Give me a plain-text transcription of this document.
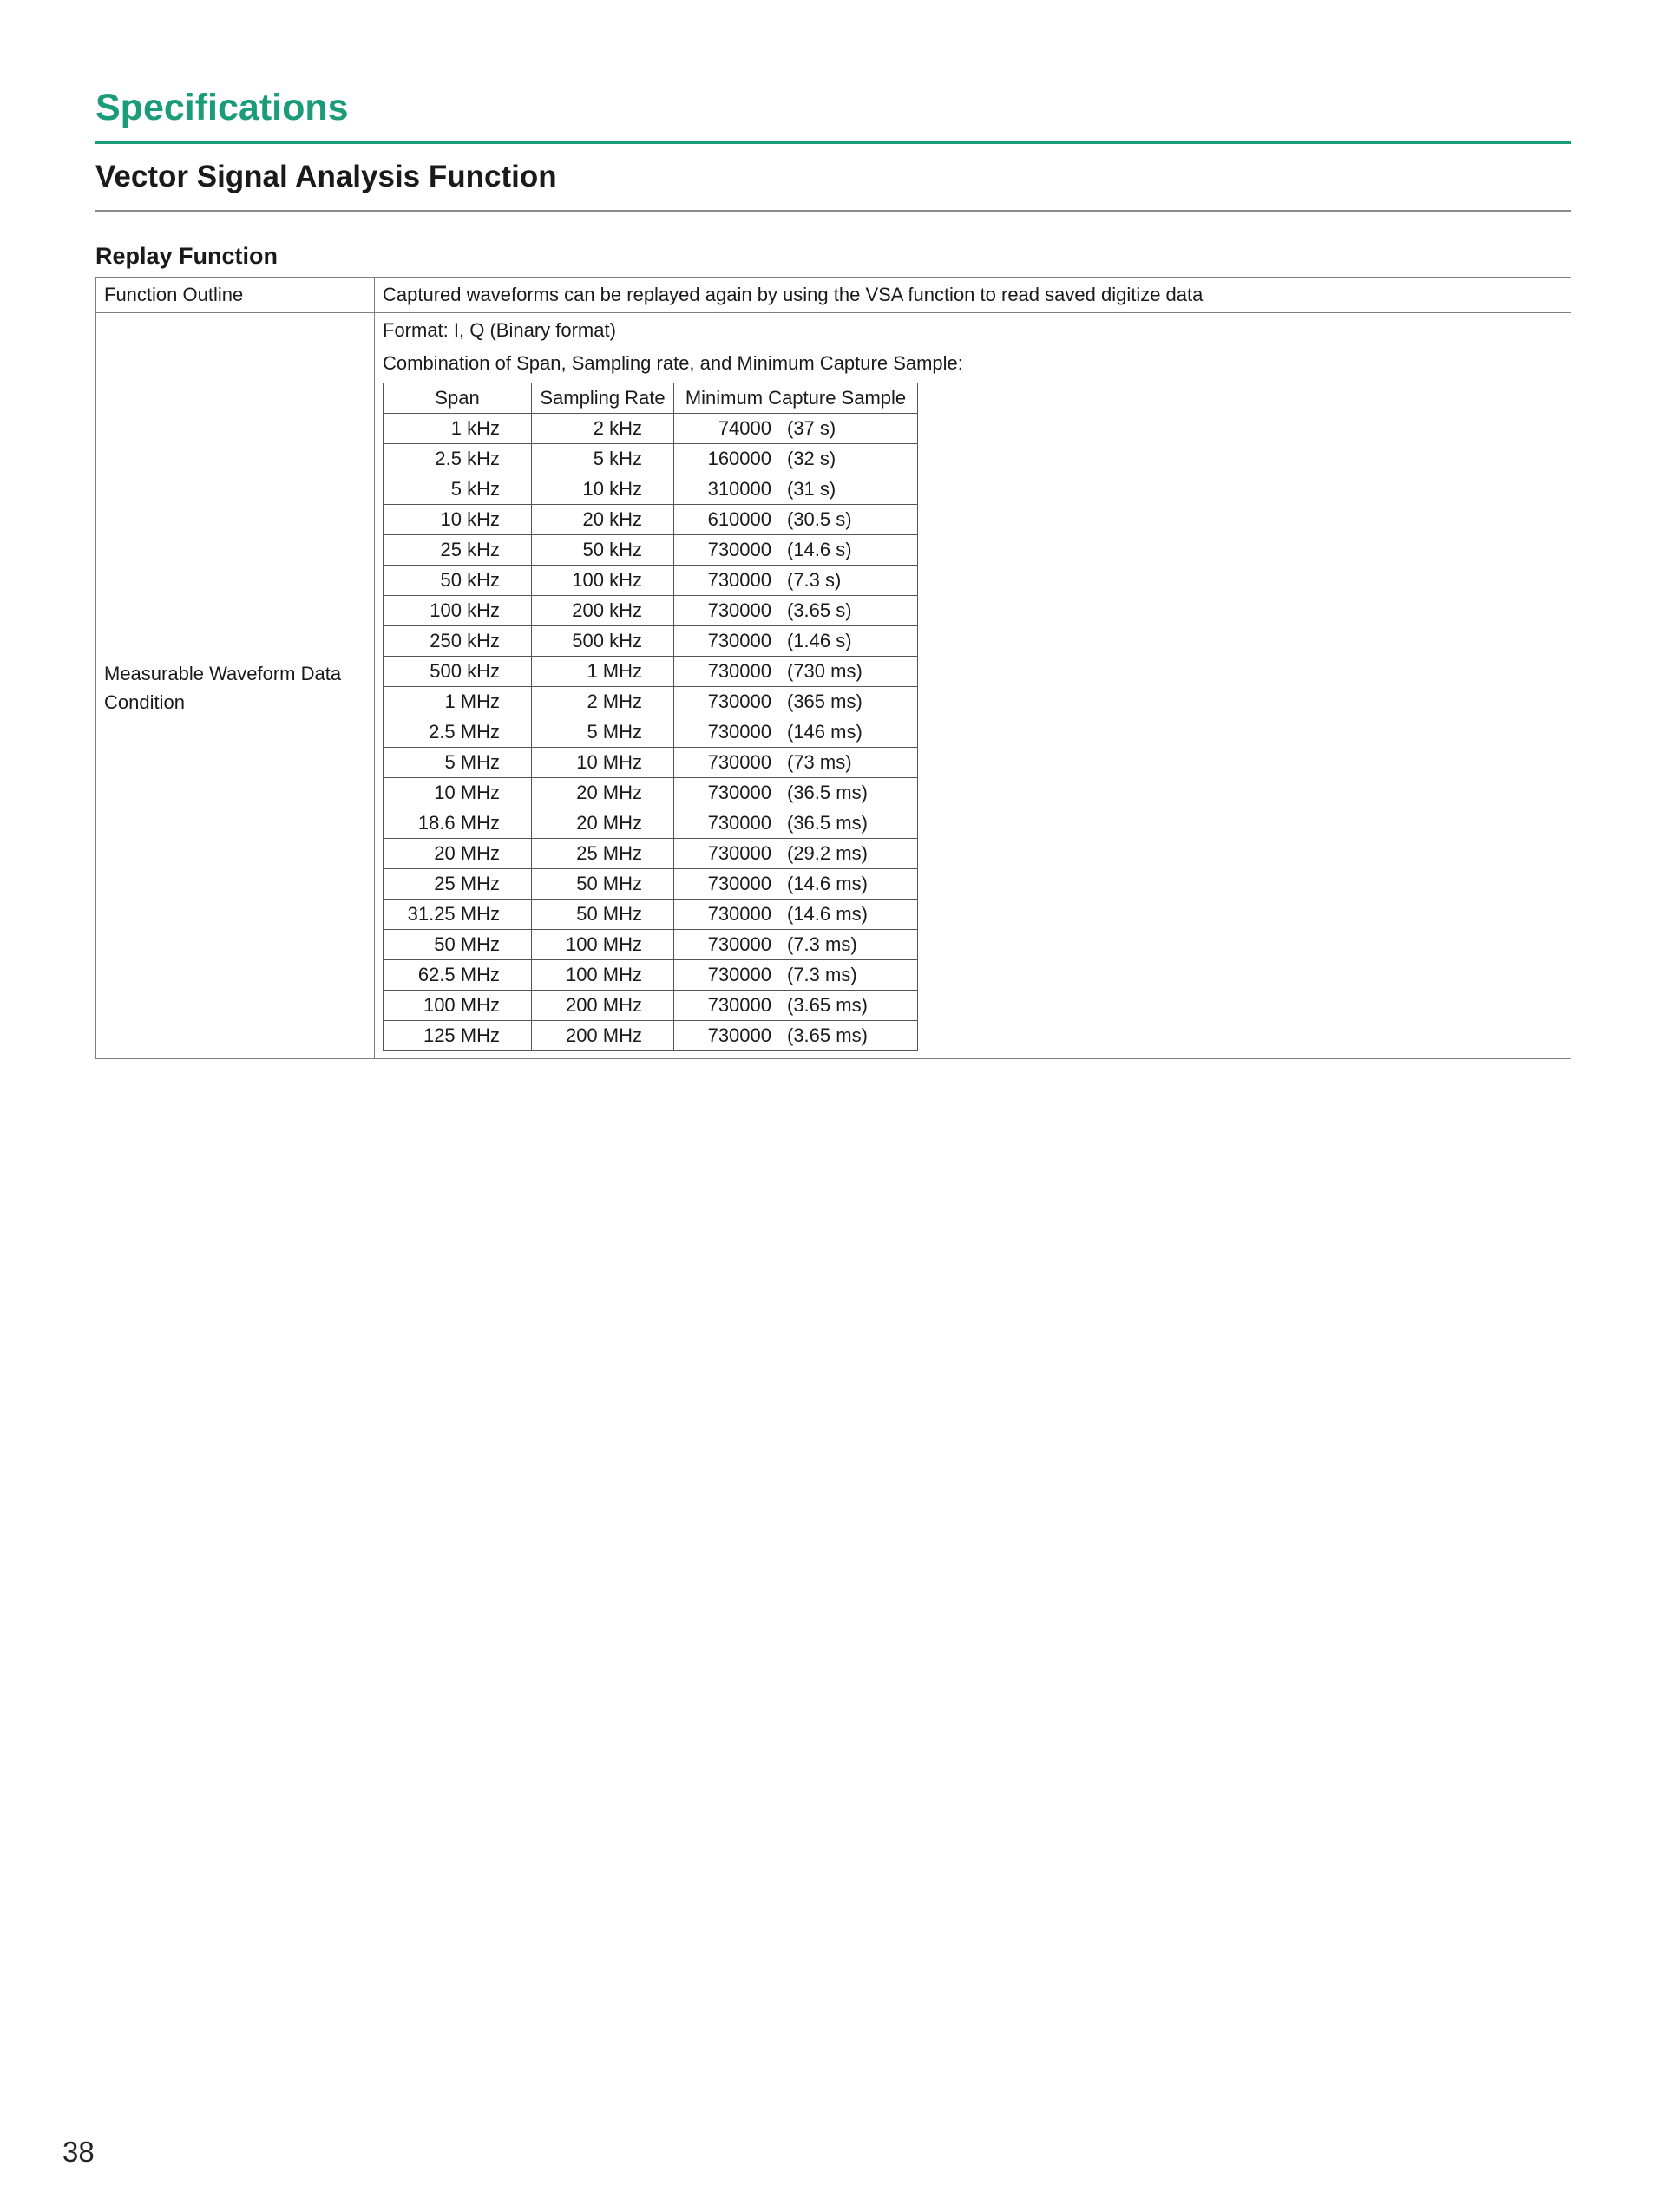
Specifications
Vector Signal Analysis Function
Replay Function
Function Outline	Captured waveforms can be replayed again by using the VSA function to read saved digitize data
Measurable Waveform Data Condition	
Format: I, Q (Binary format)
Combination of Span, Sampling rate, and Minimum Capture Sample:
Span	Sampling Rate	Minimum Capture Sample
1 kHz	2 kHz	74000 (37 s)

2.5 kHz	5 kHz	160000 (32 s)

5 kHz	10 kHz	310000 (31 s)

10 kHz	20 kHz	610000 (30.5 s)

25 kHz	50 kHz	730000 (14.6 s)

50 kHz	100 kHz	730000 (7.3 s)

100 kHz	200 kHz	730000 (3.65 s)

250 kHz	500 kHz	730000 (1.46 s)

500 kHz	1 MHz	730000 (730 ms)

1 MHz	2 MHz	730000 (365 ms)

2.5 MHz	5 MHz	730000 (146 ms)

5 MHz	10 MHz	730000 (73 ms)

10 MHz	20 MHz	730000 (36.5 ms)

18.6 MHz	20 MHz	730000 (36.5 ms)

20 MHz	25 MHz	730000 (29.2 ms)

25 MHz	50 MHz	730000 (14.6 ms)

31.25 MHz	50 MHz	730000 (14.6 ms)

50 MHz	100 MHz	730000 (7.3 ms)

62.5 MHz	100 MHz	730000 (7.3 ms)

100 MHz	200 MHz	730000 (3.65 ms)

125 MHz	200 MHz	730000 (3.65 ms)
38
